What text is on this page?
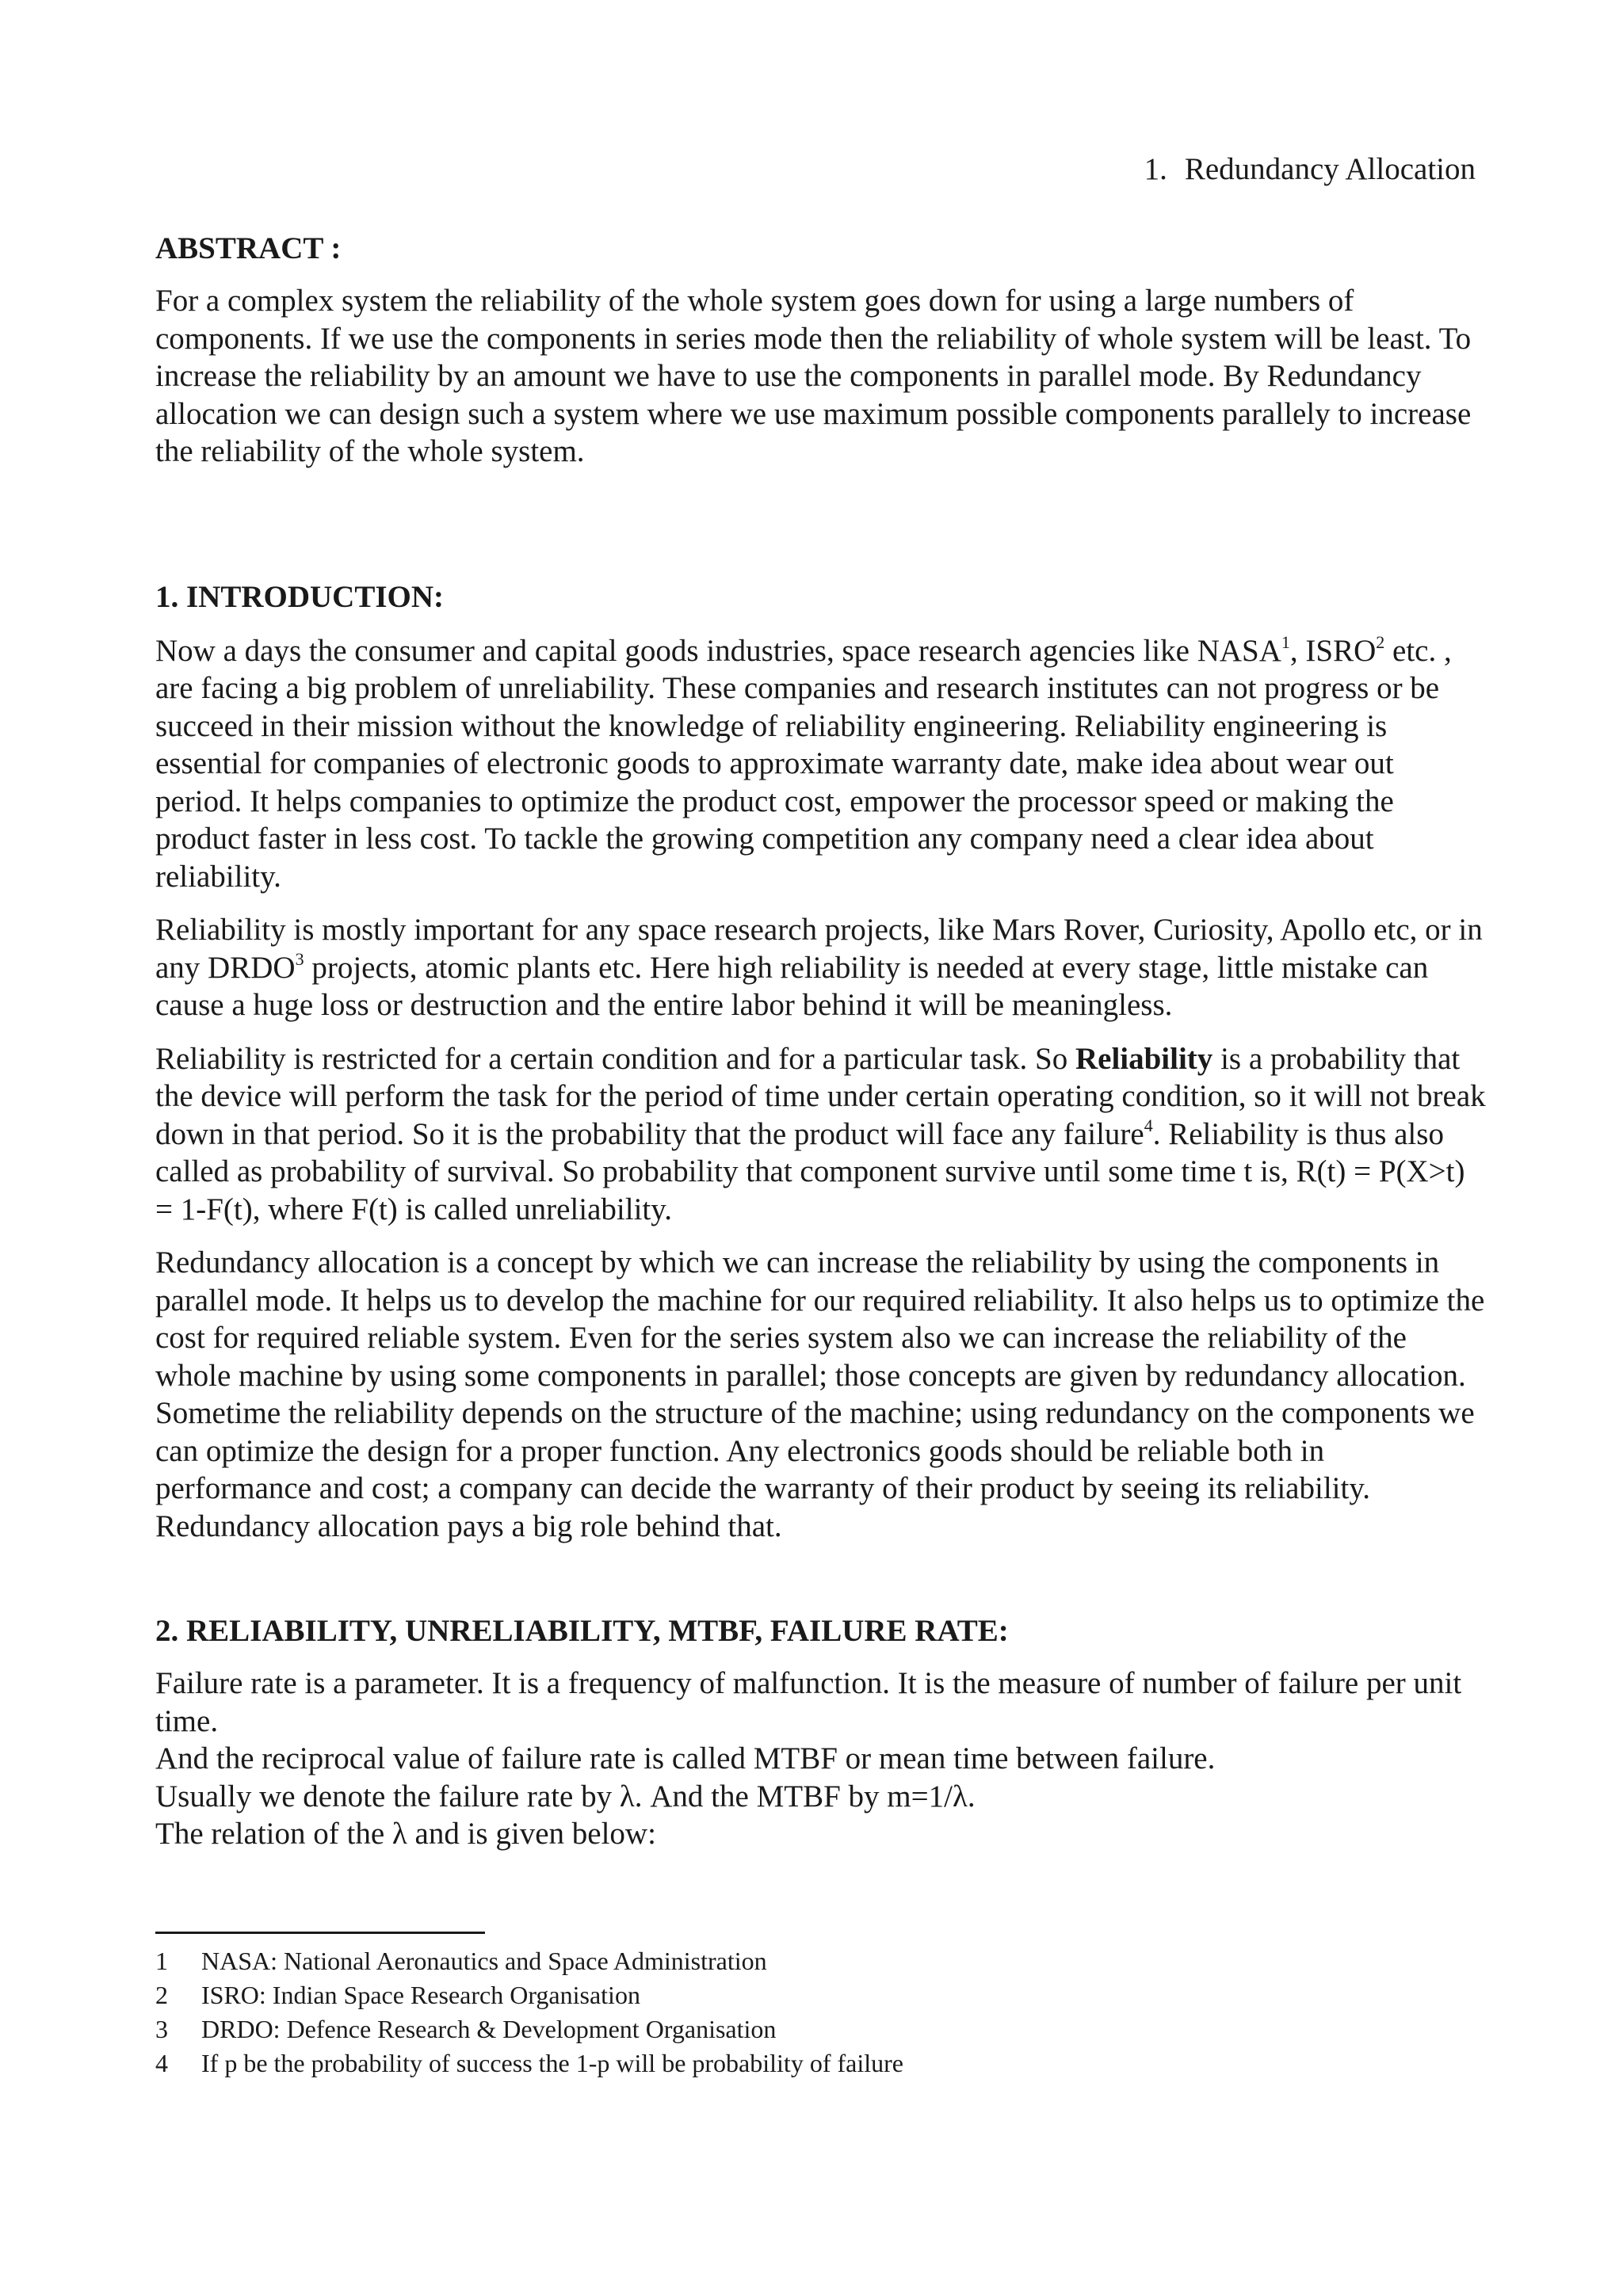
1. Redundancy Allocation
ABSTRACT :

For a complex system the reliability of the whole system goes down for using a large numbers of components. If we use the components in series mode then the reliability of whole system will be least. To increase the reliability by an amount we have to use the components in parallel mode. By Redundancy allocation we can design such a system where we use maximum possible components parallely to increase the reliability of the whole system.

1. INTRODUCTION:

Now a days the consumer and capital goods industries, space research agencies like NASA$^1$, ISRO$^2$ etc. , are facing a big problem of unreliability. These companies and research institutes can not progress or be succeed in their mission without the knowledge of reliability engineering. Reliability engineering is essential for companies of electronic goods to approximate warranty date, make idea about wear out period. It helps companies to optimize the product cost, empower the processor speed or making the product faster in less cost. To tackle the growing competition any company need a clear idea about reliability.

Reliability is mostly important for any space research projects, like Mars Rover, Curiosity, Apollo etc, or in any DRDO$^3$ projects, atomic plants etc. Here high reliability is needed at every stage, little mistake can cause a huge loss or destruction and the entire labor behind it will be meaningless.

Reliability is restricted for a certain condition and for a particular task. So Reliability is a probability that the device will perform the task for the period of time under certain operating condition, so it will not break down in that period. So it is the probability that the product will face any failure$^4$. Reliability is thus also called as probability of survival. So probability that component survive until some time t is, R(t) = P(X>t) = 1-F(t), where F(t) is called unreliability.

Redundancy allocation is a concept by which we can increase the reliability by using the components in parallel mode. It helps us to develop the machine for our required reliability. It also helps us to optimize the cost for required reliable system. Even for the series system also we can increase the reliability of the whole machine by using some components in parallel; those concepts are given by redundancy allocation. Sometime the reliability depends on the structure of the machine; using redundancy on the components we can optimize the design for a proper function. Any electronics goods should be reliable both in performance and cost; a company can decide the warranty of their product by seeing its reliability. Redundancy allocation pays a big role behind that.

2. RELIABILITY, UNRELIABILITY, MTBF, FAILURE RATE:

Failure rate is a parameter. It is a frequency of malfunction. It is the measure of number of failure per unit time.
And the reciprocal value of failure rate is called MTBF or mean time between failure.
Usually we denote the failure rate by λ. And the MTBF by m=1/λ.
The relation of the λ and is given below:

1	NASA: National Aeronautics and Space Administration
2	ISRO: Indian Space Research Organisation
3	DRDO: Defence Research & Development Organisation
4	If p be the probability of success the 1-p will be probability of failure
